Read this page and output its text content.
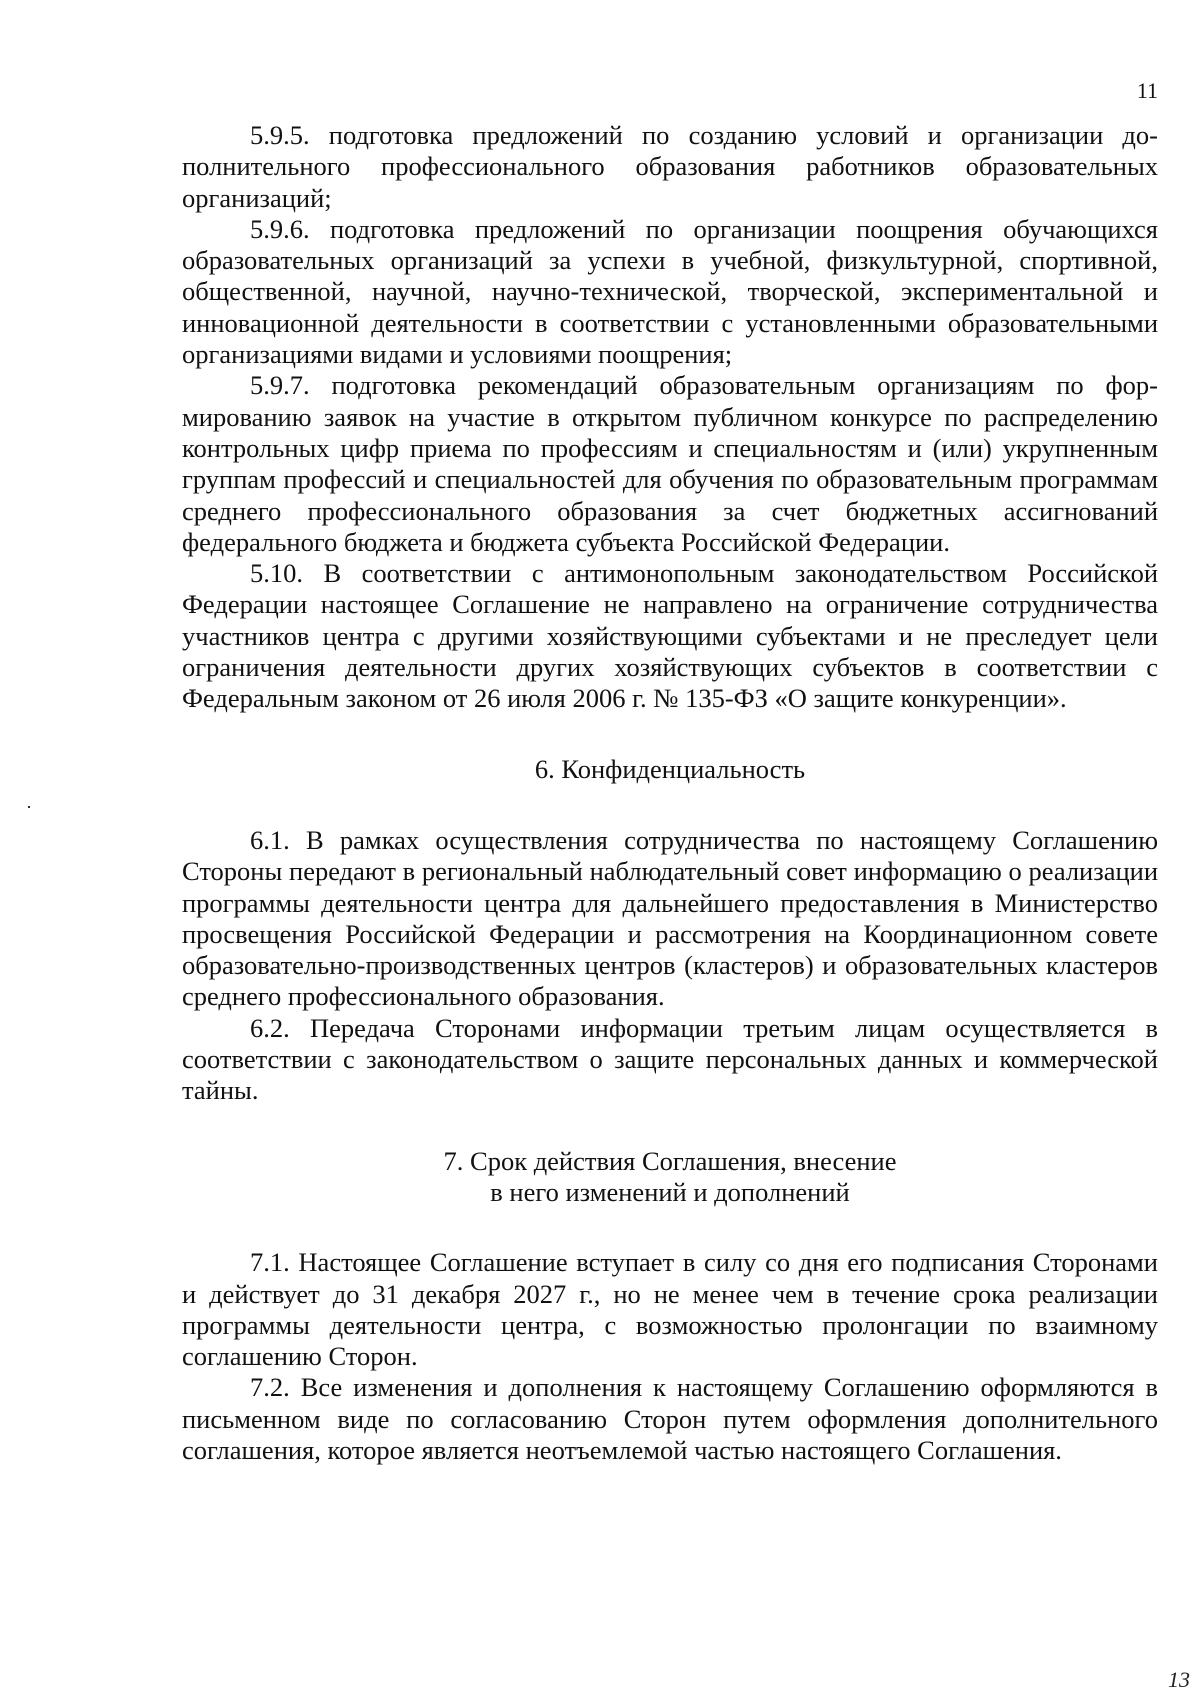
11

5.9.5. подготовка предложений по созданию условий и организации дополнительного профессионального образования работников образовательных организаций;

5.9.6. подготовка предложений по организации поощрения обучающихся образовательных организаций за успехи в учебной, физкультурной, спортивной, общественной, научной, научно-технической, творческой, экспериментальной и инновационной деятельности в соответствии с установленными образовательными организациями видами и условиями поощрения;

5.9.7. подготовка рекомендаций образовательным организациям по формированию заявок на участие в открытом публичном конкурсе по распределению контрольных цифр приема по профессиям и специальностям и (или) укрупненным группам профессий и специальностей для обучения по образовательным программам среднего профессионального образования за счет бюджетных ассигнований федерального бюджета и бюджета субъекта Российской Федерации.

5.10. В соответствии с антимонопольным законодательством Российской Федерации настоящее Соглашение не направлено на ограничение сотрудничества участников центра с другими хозяйствующими субъектами и не преследует цели ограничения деятельности других хозяйствующих субъектов в соответствии с Федеральным законом от 26 июля 2006 г. № 135-ФЗ «О защите конкуренции».

6. Конфиденциальность

6.1. В рамках осуществления сотрудничества по настоящему Соглашению Стороны передают в региональный наблюдательный совет информацию о реализации программы деятельности центра для дальнейшего предоставления в Министерство просвещения Российской Федерации и рассмотрения на Координационном совете образовательно-производственных центров (кластеров) и образовательных кластеров среднего профессионального образования.

6.2. Передача Сторонами информации третьим лицам осуществляется в соответствии с законодательством о защите персональных данных и коммерческой тайны.

7. Срок действия Соглашения, внесение
в него изменений и дополнений

7.1. Настоящее Соглашение вступает в силу со дня его подписания Сторонами и действует до 31 декабря 2027 г., но не менее чем в течение срока реализации программы деятельности центра, с возможностью пролонгации по взаимному соглашению Сторон.

7.2. Все изменения и дополнения к настоящему Соглашению оформляются в письменном виде по согласованию Сторон путем оформления дополнительного соглашения, которое является неотъемлемой частью настоящего Соглашения.

13
